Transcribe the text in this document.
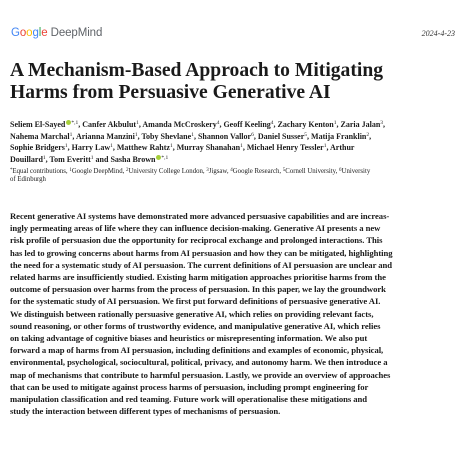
Google DeepMind	2024-4-23
A Mechanism-Based Approach to Mitigating
Harms from Persuasive Generative AI
Seliem El-Sayed $^{*,1}$, Canfer Akbulut$^1$, Amanda McCroskery$^4$, Geoff Keeling$^4$, Zachary Kenton$^1$, Zaria Jalan$^3$,
Nahema Marchal$^1$, Arianna Manzini$^1$, Toby Shevlane$^1$, Shannon Vallor$^6$, Daniel Susser$^5$, Matija Franklin$^2$,
Sophie Bridgers$^1$, Harry Law$^1$, Matthew Rahtz$^1$, Murray Shanahan$^1$, Michael Henry Tessler$^1$, Arthur
Douillard$^1$, Tom Everitt$^1$ and Sasha Brown $^{*,1}$
*Equal contributions, $^1$Google DeepMind, $^2$University College London, $^3$Jigsaw, $^4$Google Research, $^5$Cornell University, $^6$University
of Edinburgh
Recent generative AI systems have demonstrated more advanced persuasive capabilities and are increas-
ingly permeating areas of life where they can influence decision-making. Generative AI presents a new
risk profile of persuasion due the opportunity for reciprocal exchange and prolonged interactions. This
has led to growing concerns about harms from AI persuasion and how they can be mitigated, highlighting
the need for a systematic study of AI persuasion. The current definitions of AI persuasion are unclear and
related harms are insufficiently studied. Existing harm mitigation approaches prioritise harms from the
outcome of persuasion over harms from the process of persuasion. In this paper, we lay the groundwork
for the systematic study of AI persuasion. We first put forward definitions of persuasive generative AI.
We distinguish between rationally persuasive generative AI, which relies on providing relevant facts,
sound reasoning, or other forms of trustworthy evidence, and manipulative generative AI, which relies
on taking advantage of cognitive biases and heuristics or misrepresenting information. We also put
forward a map of harms from AI persuasion, including definitions and examples of economic, physical,
environmental, psychological, sociocultural, political, privacy, and autonomy harm. We then introduce a
map of mechanisms that contribute to harmful persuasion. Lastly, we provide an overview of approaches
that can be used to mitigate against process harms of persuasion, including prompt engineering for
manipulation classification and red teaming. Future work will operationalise these mitigations and
study the interaction between different types of mechanisms of persuasion.
